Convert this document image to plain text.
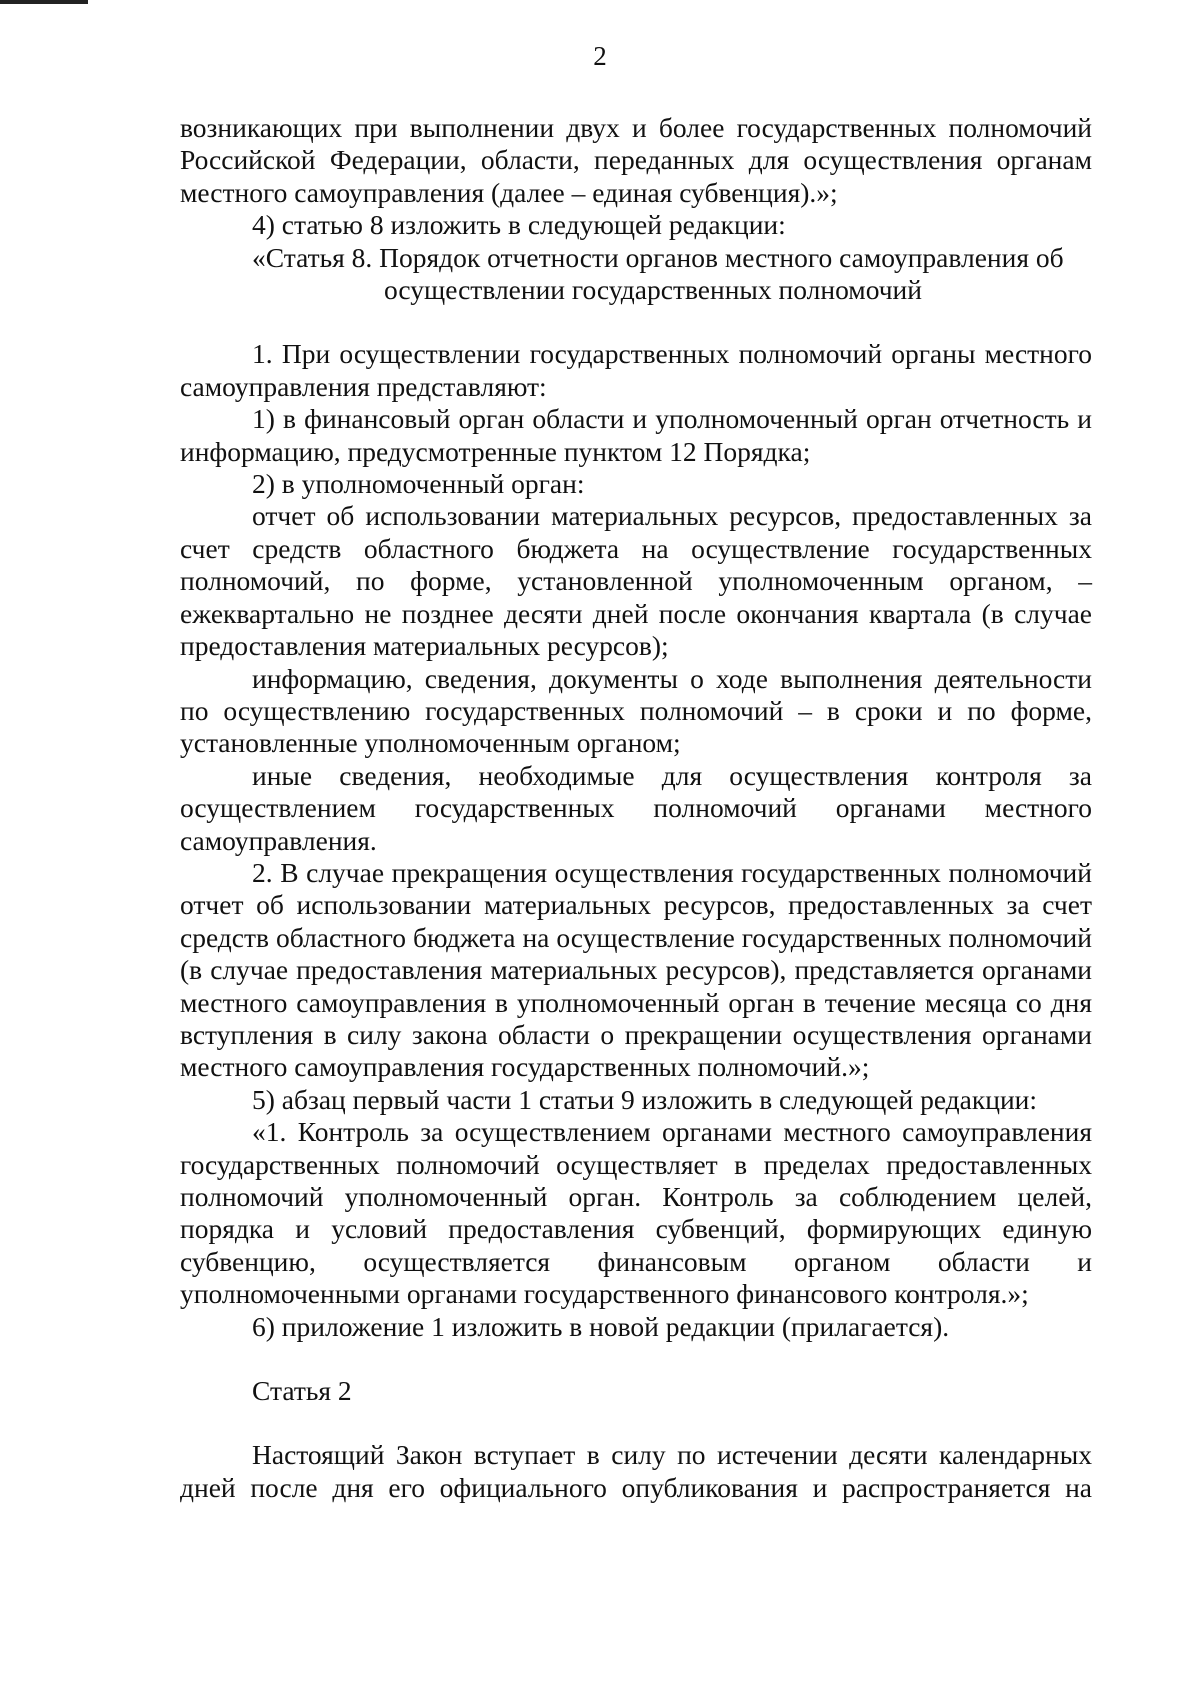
2

возникающих при выполнении двух и более государственных полномочий Российской Федерации, области, переданных для осуществления органам местного самоуправления (далее – единая субвенция).»;

4) статью 8 изложить в следующей редакции:

«Статья 8. Порядок отчетности органов местного самоуправления об
осуществлении государственных полномочий

1. При осуществлении государственных полномочий органы местного самоуправления представляют:

1) в финансовый орган области и уполномоченный орган отчетность и информацию, предусмотренные пунктом 12 Порядка;

2) в уполномоченный орган:

отчет об использовании материальных ресурсов, предоставленных за счет средств областного бюджета на осуществление государственных полномочий, по форме, установленной уполномоченным органом, – ежеквартально не позднее десяти дней после окончания квартала (в случае предоставления материальных ресурсов);

информацию, сведения, документы о ходе выполнения деятельности по осуществлению государственных полномочий – в сроки и по форме, установленные уполномоченным органом;

иные сведения, необходимые для осуществления контроля за осуществлением государственных полномочий органами местного самоуправления.

2. В случае прекращения осуществления государственных полномочий отчет об использовании материальных ресурсов, предоставленных за счет средств областного бюджета на осуществление государственных полномочий (в случае предоставления материальных ресурсов), представляется органами местного самоуправления в уполномоченный орган в течение месяца со дня вступления в силу закона области о прекращении осуществления органами местного самоуправления государственных полномочий.»;

5) абзац первый части 1 статьи 9 изложить в следующей редакции:

«1. Контроль за осуществлением органами местного самоуправления государственных полномочий осуществляет в пределах предоставленных полномочий уполномоченный орган. Контроль за соблюдением целей, порядка и условий предоставления субвенций, формирующих единую субвенцию, осуществляется финансовым органом области и уполномоченными органами государственного финансового контроля.»;

6) приложение 1 изложить в новой редакции (прилагается).

Статья 2

Настоящий Закон вступает в силу по истечении десяти календарных дней после дня его официального опубликования и распространяется на
